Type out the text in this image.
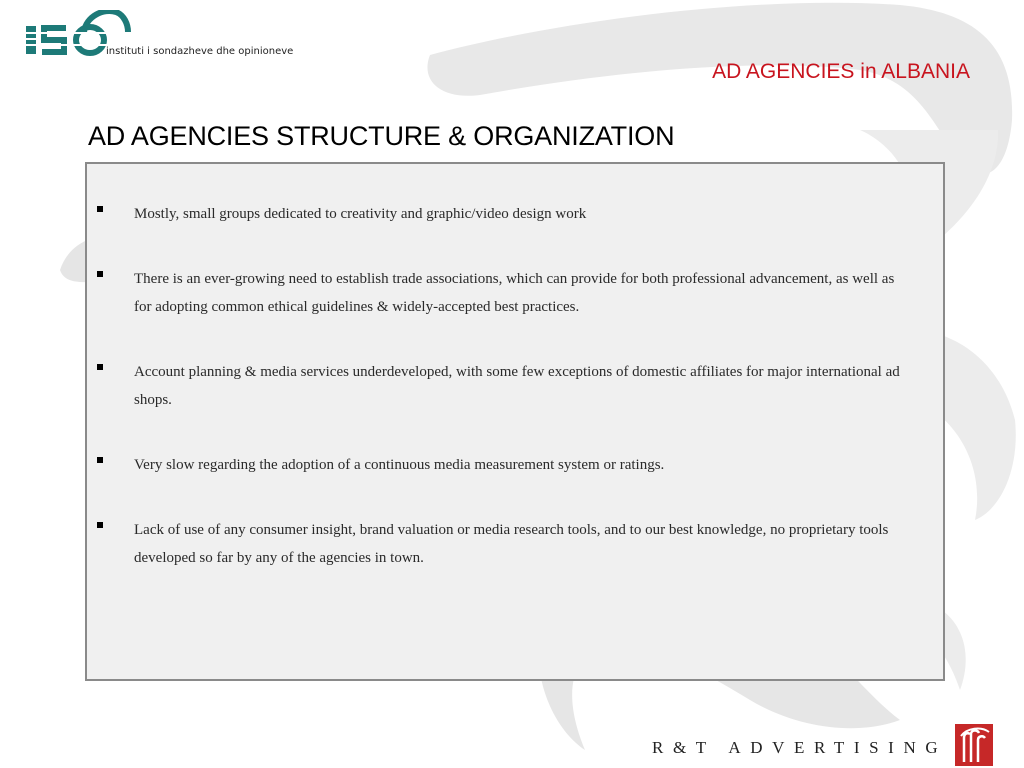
instituti i sondazheve dhe opinioneve
AD AGENCIES in ALBANIA
AD AGENCIES STRUCTURE & ORGANIZATION
Mostly, small groups dedicated to creativity and graphic/video design work
There is an ever-growing need to establish trade associations, which can provide for both professional advancement, as well as for adopting common ethical guidelines & widely-accepted best practices.
Account planning & media services underdeveloped, with some few exceptions of domestic affiliates for major international ad shops.
Very slow regarding the adoption of a continuous media measurement system or ratings.
Lack of use of any consumer insight, brand valuation or media research tools, and to our best knowledge, no proprietary tools developed so far by any of the agencies in town.
R&T ADVERTISING
